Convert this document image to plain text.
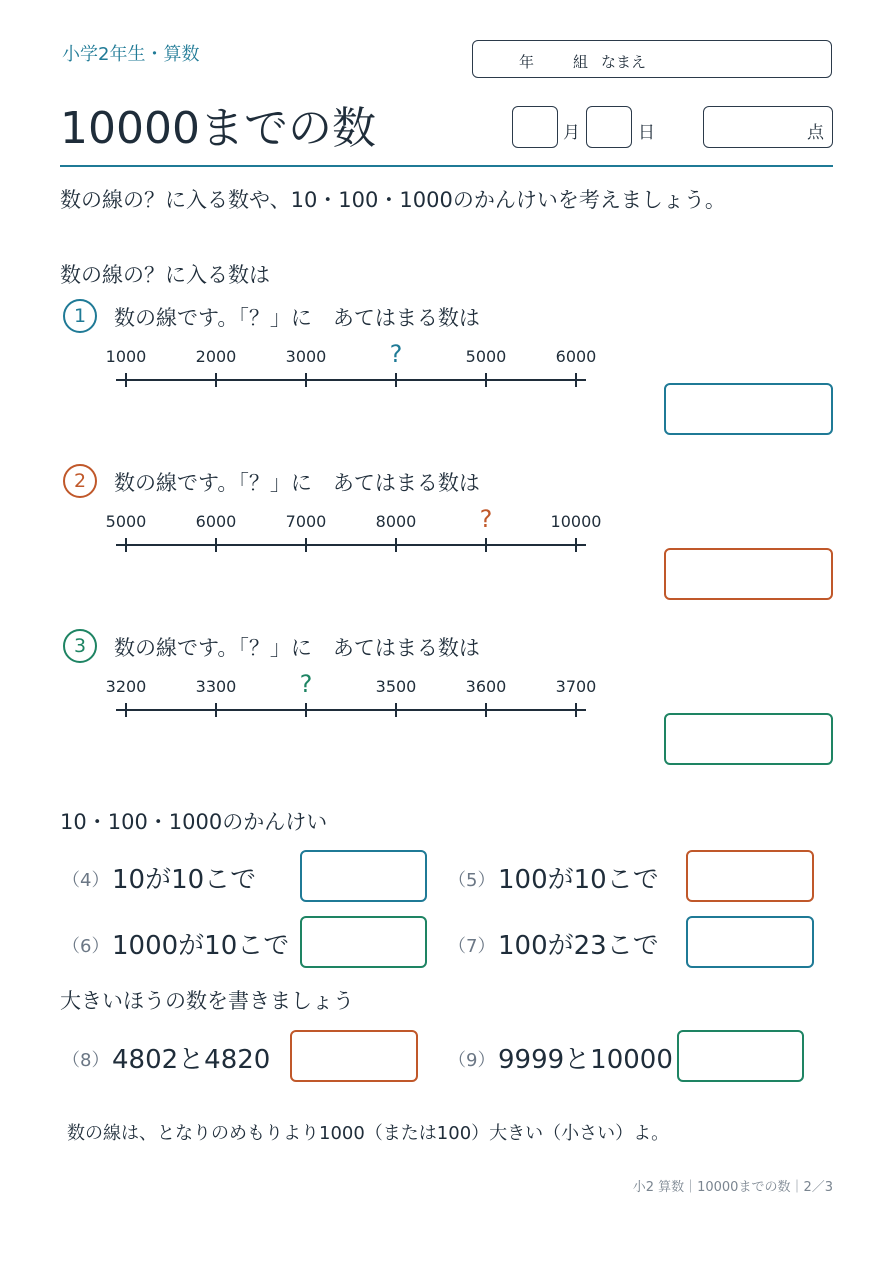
小学2年生・算数	年	組 なまえ
10000までの数	月	日	点
数の線の？に入る数や、10・100・1000のかんけいを考えましょう。
数の線の？に入る数は
1	数の線です。「？」に　あてはまる数は
1000	2000	3000	?	5000	6000
2	数の線です。「？」に　あてはまる数は
5000	6000	7000	8000	?	10000
3	数の線です。「？」に　あてはまる数は
3200	3300	?	3500	3600	3700
10・100・1000のかんけい
（4） 10が10こで	（5） 100が10こで
（6） 1000が10こで	（7） 100が23こで
大きいほうの数を書きましょう
（8） 4802と4820	（9） 9999と10000
数の線は、となりのめもりより1000（または100）大きい（小さい）よ。
小2 算数｜10000までの数｜2／3
